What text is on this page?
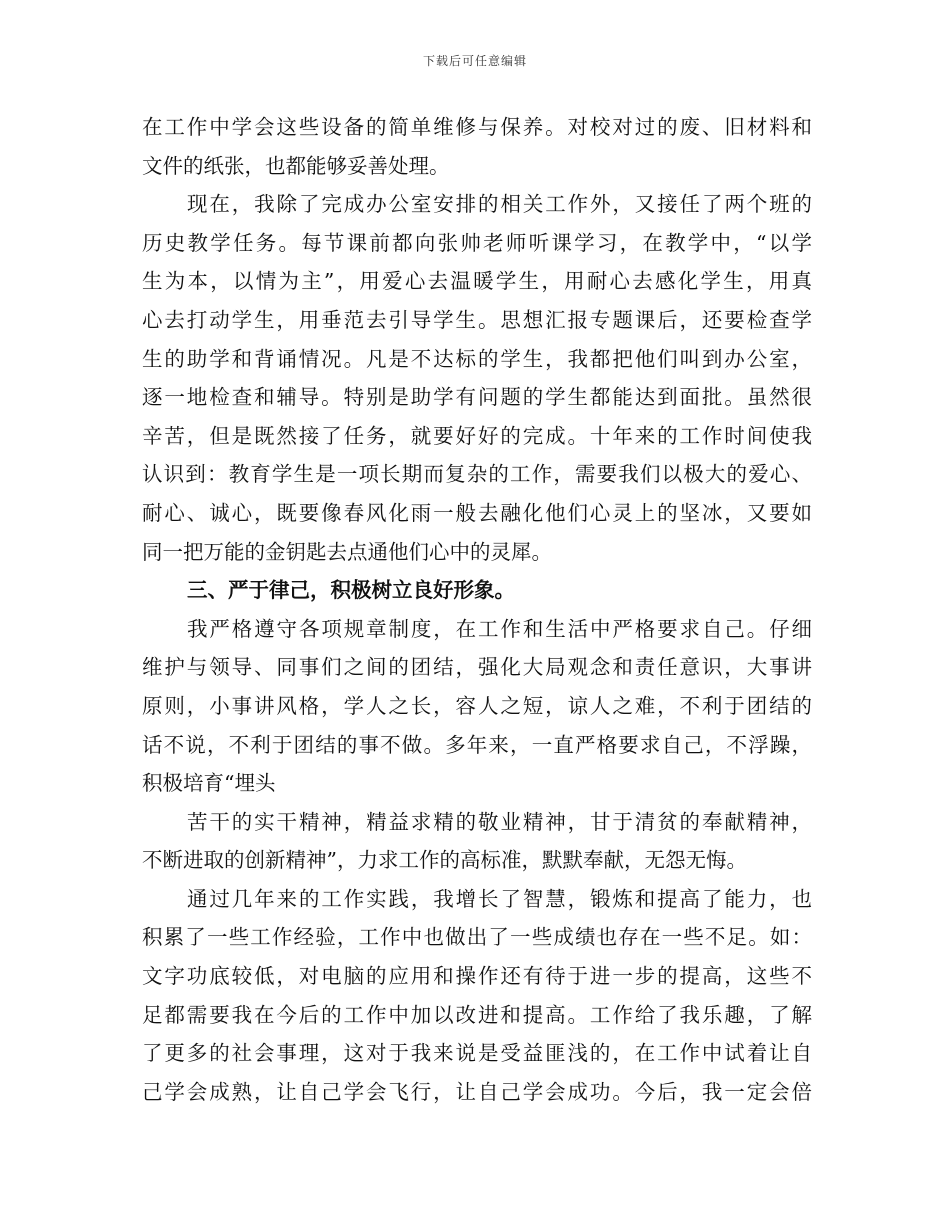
下载后可任意编辑
在工作中学会这些设备的简单维修与保养。对校对过的废、旧材料和
文件的纸张，也都能够妥善处理。
现在，我除了完成办公室安排的相关工作外，又接任了两个班的
历史教学任务。每节课前都向张帅老师听课学习，在教学中，“以学
生为本，以情为主”，用爱心去温暖学生，用耐心去感化学生，用真
心去打动学生，用垂范去引导学生。思想汇报专题课后，还要检查学
生的助学和背诵情况。凡是不达标的学生，我都把他们叫到办公室，
逐一地检查和辅导。特别是助学有问题的学生都能达到面批。虽然很
辛苦，但是既然接了任务，就要好好的完成。十年来的工作时间使我
认识到：教育学生是一项长期而复杂的工作，需要我们以极大的爱心、
耐心、诚心，既要像春风化雨一般去融化他们心灵上的坚冰，又要如
同一把万能的金钥匙去点通他们心中的灵犀。
三、严于律己，积极树立良好形象。
我严格遵守各项规章制度，在工作和生活中严格要求自己。仔细
维护与领导、同事们之间的团结，强化大局观念和责任意识，大事讲
原则，小事讲风格，学人之长，容人之短，谅人之难，不利于团结的
话不说，不利于团结的事不做。多年来，一直严格要求自己，不浮躁，
积极培育“埋头
苦干的实干精神，精益求精的敬业精神，甘于清贫的奉献精神，
不断进取的创新精神”，力求工作的高标准，默默奉献，无怨无悔。
通过几年来的工作实践，我增长了智慧，锻炼和提高了能力，也
积累了一些工作经验，工作中也做出了一些成绩也存在一些不足。如：
文字功底较低，对电脑的应用和操作还有待于进一步的提高，这些不
足都需要我在今后的工作中加以改进和提高。工作给了我乐趣，了解
了更多的社会事理，这对于我来说是受益匪浅的，在工作中试着让自
己学会成熟，让自己学会飞行，让自己学会成功。今后，我一定会倍
